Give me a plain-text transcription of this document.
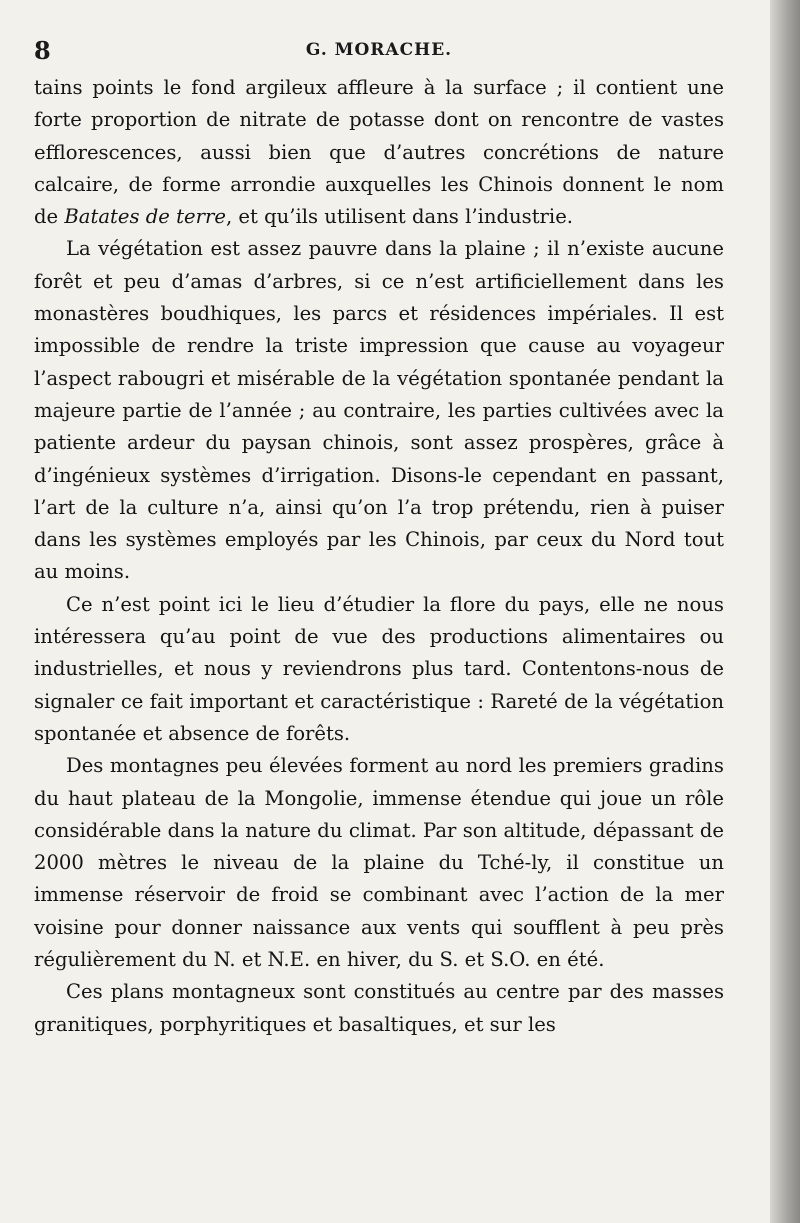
8	G. MORACHE.

tains points le fond argileux affleure à la surface ; il contient une forte proportion de nitrate de potasse dont on rencontre de vastes efflorescences, aussi bien que d’autres concrétions de nature calcaire, de forme arrondie auxquelles les Chinois donnent le nom de Batates de terre, et qu’ils utilisent dans l’industrie.

La végétation est assez pauvre dans la plaine ; il n’existe aucune forêt et peu d’amas d’arbres, si ce n’est artificiellement dans les monastères boudhiques, les parcs et résidences impériales. Il est impossible de rendre la triste impression que cause au voyageur l’aspect rabougri et misérable de la végétation spontanée pendant la majeure partie de l’année ; au contraire, les parties cultivées avec la patiente ardeur du paysan chinois, sont assez prospères, grâce à d’ingénieux systèmes d’irrigation. Disons-le cependant en passant, l’art de la culture n’a, ainsi qu’on l’a trop prétendu, rien à puiser dans les systèmes employés par les Chinois, par ceux du Nord tout au moins.

Ce n’est point ici le lieu d’étudier la flore du pays, elle ne nous intéressera qu’au point de vue des productions alimentaires ou industrielles, et nous y reviendrons plus tard. Contentons-nous de signaler ce fait important et caractéristique : Rareté de la végétation spontanée et absence de forêts.

Des montagnes peu élevées forment au nord les premiers gradins du haut plateau de la Mongolie, immense étendue qui joue un rôle considérable dans la nature du climat. Par son altitude, dépassant de 2000 mètres le niveau de la plaine du Tché-ly, il constitue un immense réservoir de froid se combinant avec l’action de la mer voisine pour donner naissance aux vents qui soufflent à peu près régulièrement du N. et N.E. en hiver, du S. et S.O. en été.

Ces plans montagneux sont constitués au centre par des masses granitiques, porphyritiques et basaltiques, et sur les
